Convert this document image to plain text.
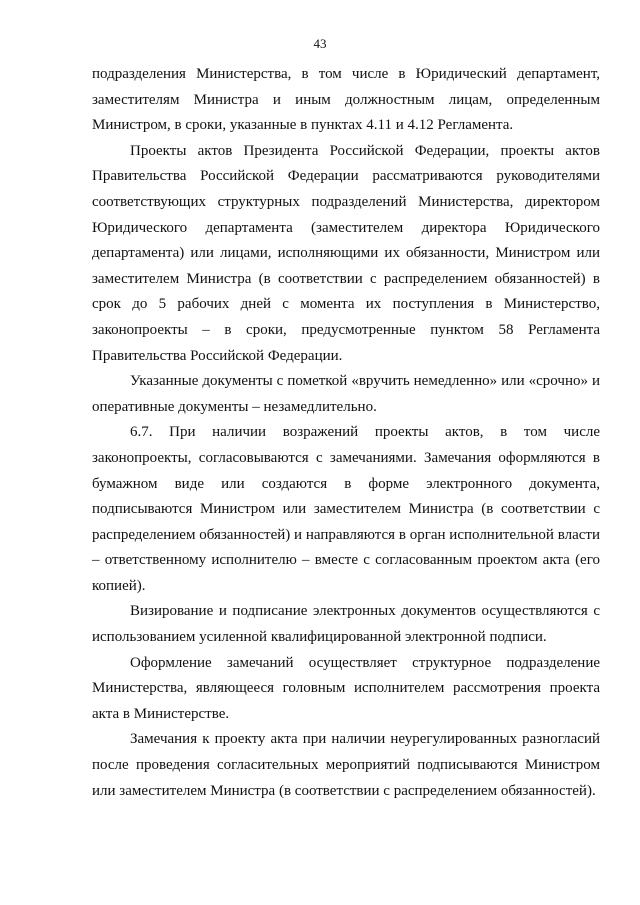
43

подразделения Министерства, в том числе в Юридический департамент, заместителям Министра и иным должностным лицам, определенным Министром, в сроки, указанные в пунктах 4.11 и 4.12 Регламента.

Проекты актов Президента Российской Федерации, проекты актов Правительства Российской Федерации рассматриваются руководителями соответствующих структурных подразделений Министерства, директором Юридического департамента (заместителем директора Юридического департамента) или лицами, исполняющими их обязанности, Министром или заместителем Министра (в соответствии с распределением обязанностей) в срок до 5 рабочих дней с момента их поступления в Министерство, законопроекты – в сроки, предусмотренные пунктом 58 Регламента Правительства Российской Федерации.

Указанные документы с пометкой «вручить немедленно» или «срочно» и оперативные документы – незамедлительно.

6.7. При наличии возражений проекты актов, в том числе законопроекты, согласовываются с замечаниями. Замечания оформляются в бумажном виде или создаются в форме электронного документа, подписываются Министром или заместителем Министра (в соответствии с распределением обязанностей) и направляются в орган исполнительной власти – ответственному исполнителю – вместе с согласованным проектом акта (его копией).

Визирование и подписание электронных документов осуществляются с использованием усиленной квалифицированной электронной подписи.

Оформление замечаний осуществляет структурное подразделение Министерства, являющееся головным исполнителем рассмотрения проекта акта в Министерстве.

Замечания к проекту акта при наличии неурегулированных разногласий после проведения согласительных мероприятий подписываются Министром или заместителем Министра (в соответствии с распределением обязанностей).
